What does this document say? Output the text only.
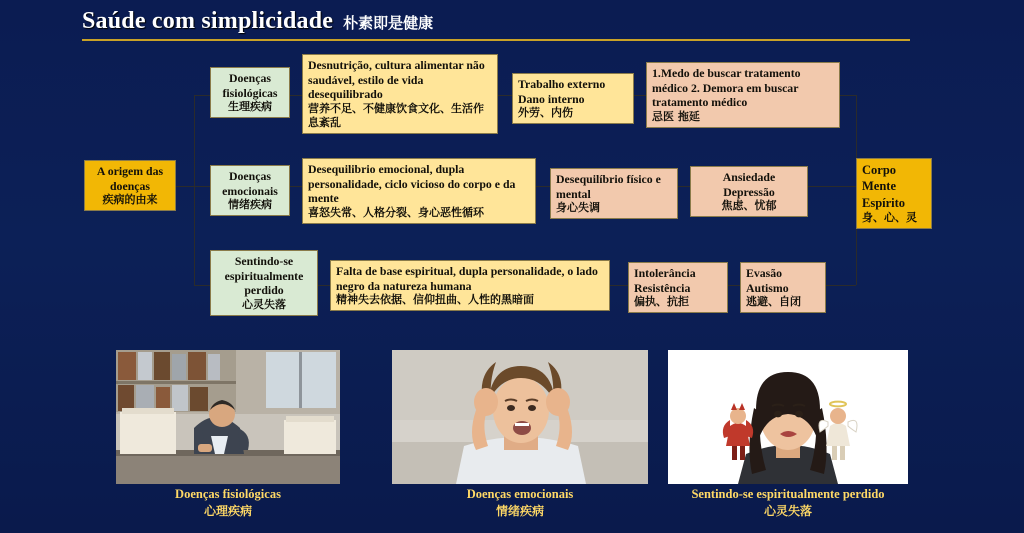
Saúde com simplicidade 朴素即是健康
A origem das doenças
疾病的由来
Doenças fisiológicas
生理疾病
Desnutrição, cultura alimentar não saudável, estilo de vida desequilibrado
营养不足、不健康饮食文化、生活作息紊乱
Trabalho externo Dano interno
外劳、内伤
1.Medo de buscar tratamento médico 2. Demora em buscar tratamento médico
忌医 拖延
Doenças emocionais
情绪疾病
Desequilibrio emocional, dupla personalidade, ciclo vicioso do corpo e da mente
喜怒失常、人格分裂、身心恶性循环
Desequilíbrio físico e mental
身心失调
Ansiedade Depressão
焦虑、忧郁
Sentindo-se espiritualmente perdido
心灵失落
Falta de base espiritual, dupla personalidade, o lado negro da natureza humana
精神失去依据、信仰扭曲、人性的黑暗面
Intolerância Resistência
偏执、抗拒
Evasão Autismo
逃避、自闭
Corpo Mente Espírito
身、心、灵
Doenças fisiológicas
心理疾病
Doenças emocionais
情绪疾病
Sentindo-se espiritualmente perdido
心灵失落
